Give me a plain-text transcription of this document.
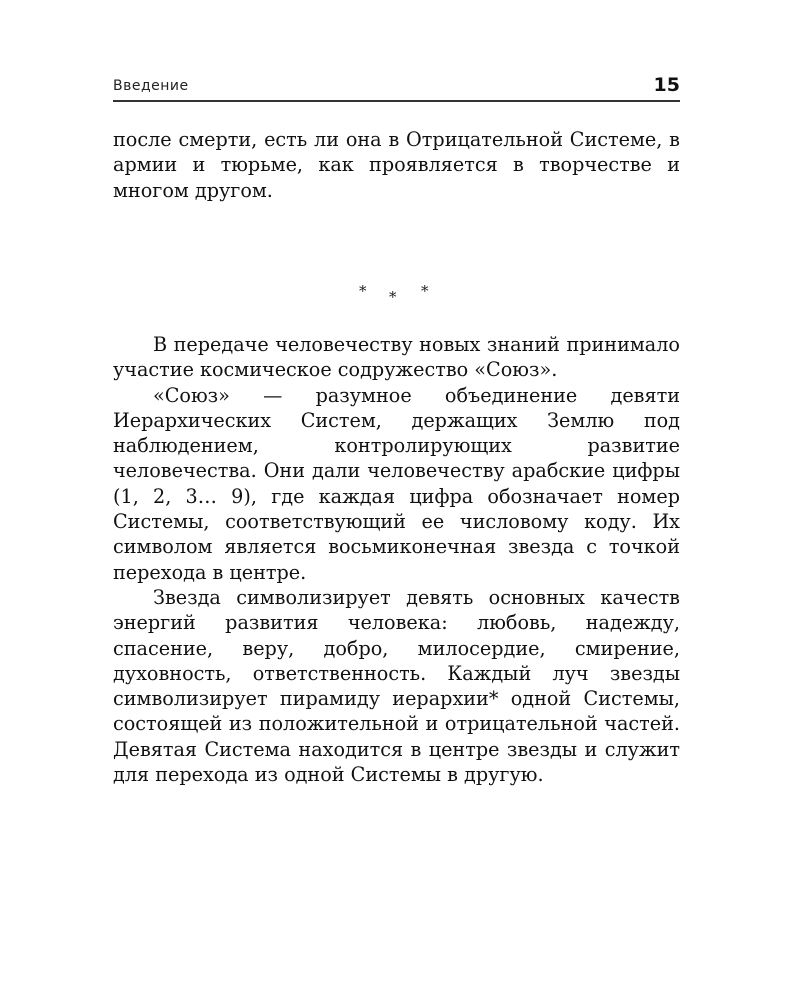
Введение	15

после смерти, есть ли она в Отрицательной Системе, в армии и тюрьме, как проявляется в творчестве и многом другом.

* * *

В передаче человечеству новых знаний принимало участие космическое содружество «Союз».

«Союз» — разумное объединение девяти Иерархических Систем, держащих Землю под наблюдением, контролирующих развитие человечества. Они дали человечеству арабские цифры (1, 2, 3… 9), где каждая цифра обозначает номер Системы, соответствующий ее числовому коду. Их символом является восьмиконечная звезда с точкой перехода в центре.

Звезда символизирует девять основных качеств энергий развития человека: любовь, надежду, спасение, веру, добро, милосердие, смирение, духовность, ответственность. Каждый луч звезды символизирует пирамиду иерархии* одной Системы, состоящей из положительной и отрицательной частей. Девятая Система находится в центре звезды и служит для перехода из одной Системы в другую.
